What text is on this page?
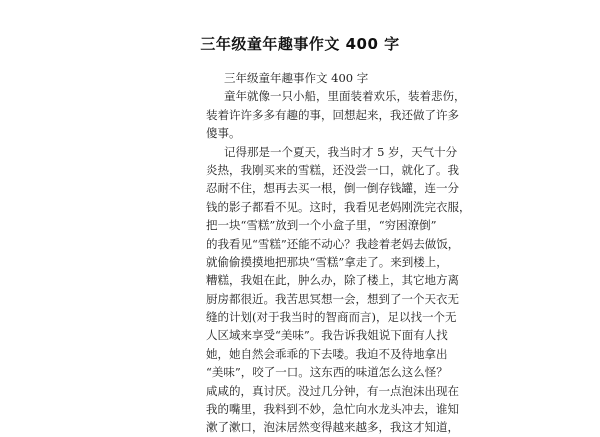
三年级童年趣事作文 400 字
三年级童年趣事作文 400 字
童年就像一只小船，里面装着欢乐，装着悲伤，
装着许许多多有趣的事，回想起来，我还做了许多
傻事。
记得那是一个夏天，我当时才 5 岁，天气十分
炎热，我刚买来的雪糕，还没尝一口，就化了。我
忍耐不住，想再去买一根，倒一倒存钱罐，连一分
钱的影子都看不见。这时，我看见老妈刚洗完衣服，
把一块“雪糕”放到一个小盒子里，“穷困潦倒”
的我看见“雪糕”还能不动心？我趁着老妈去做饭，
就偷偷摸摸地把那块“雪糕”拿走了。来到楼上，
糟糕，我姐在此，肿么办，除了楼上，其它地方离
厨房都很近。我苦思冥想一会，想到了一个天衣无
缝的计划(对于我当时的智商而言)，足以找一个无
人区域来享受“美味”。我告诉我姐说下面有人找
她，她自然会乖乖的下去喽。我迫不及待地拿出
“美味”，咬了一口。这东西的味道怎么这么怪？
咸咸的，真讨厌。没过几分钟，有一点泡沫出现在
我的嘴里，我料到不妙，急忙向水龙头冲去，谁知
漱了漱口，泡沫居然变得越来越多，我这才知道，
